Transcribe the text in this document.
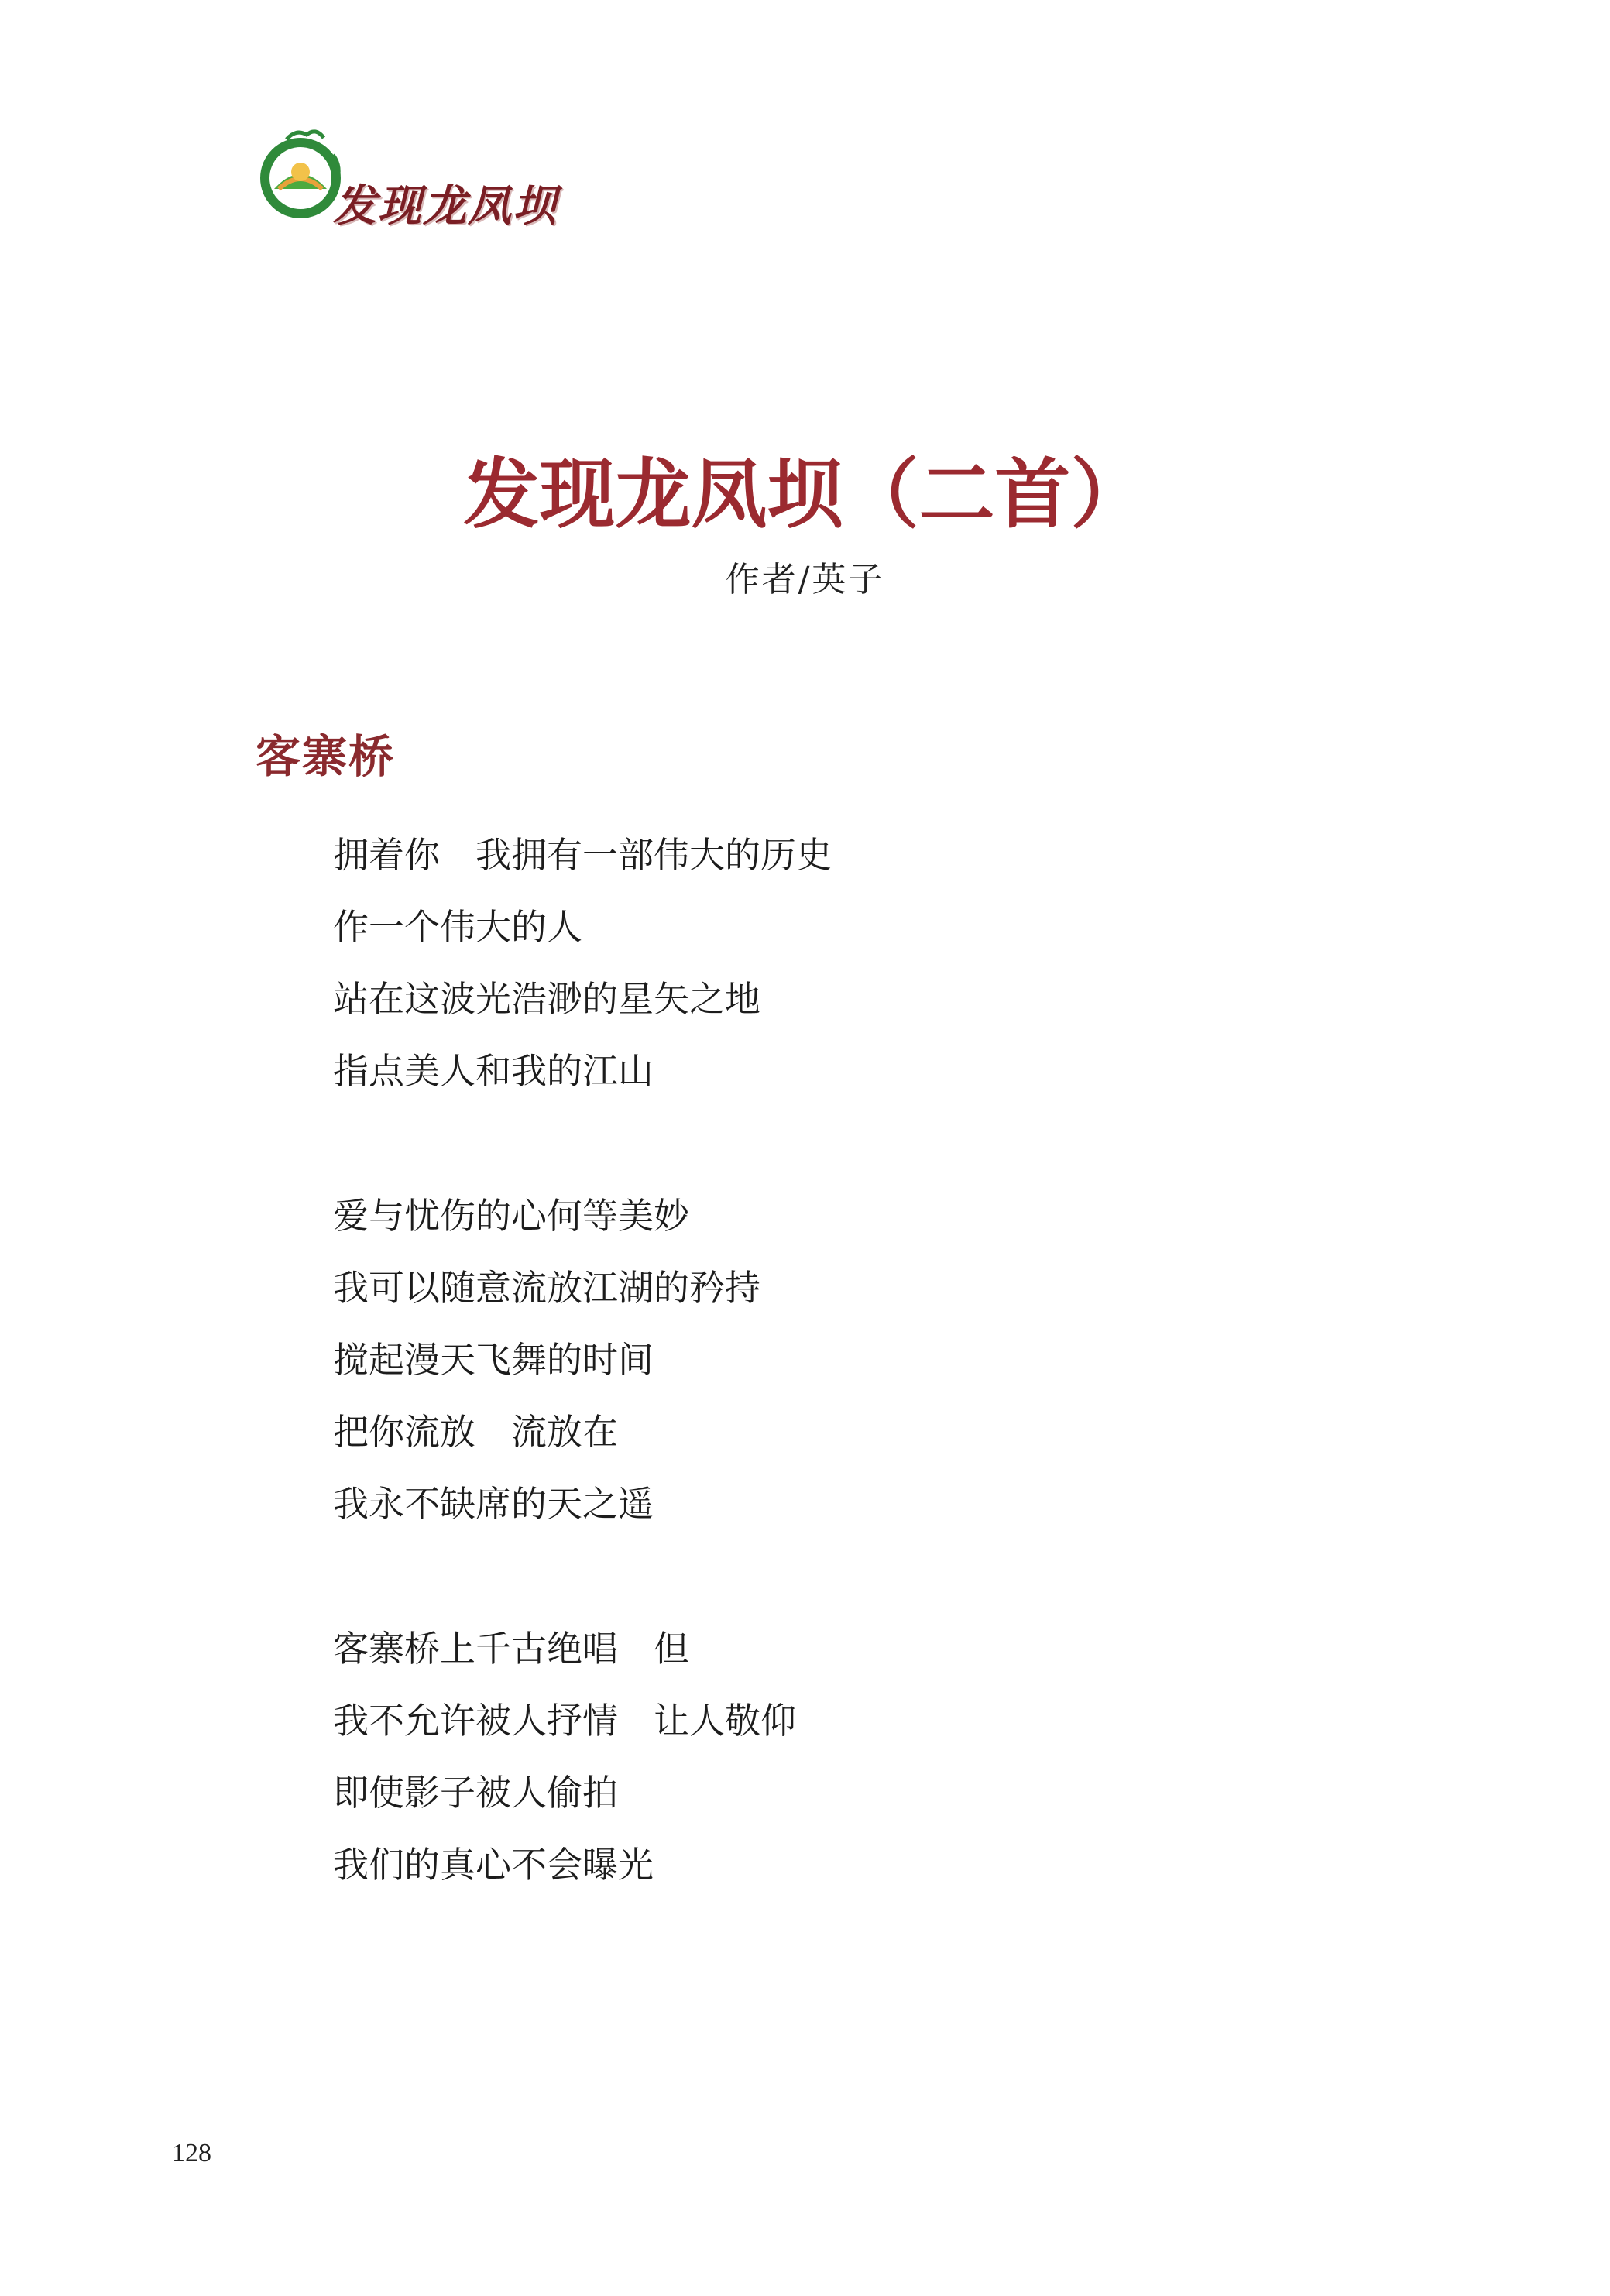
发现龙凤坝
发现龙凤坝（二首）
作者/英子
客寨桥
拥着你　我拥有一部伟大的历史
作一个伟大的人
站在这波光浩渺的星矢之地
指点美人和我的江山
爱与忧伤的心何等美妙
我可以随意流放江湖的矜持
搅起漫天飞舞的时间
把你流放　流放在
我永不缺席的天之遥
客寨桥上千古绝唱　但
我不允许被人抒情　让人敬仰
即使影子被人偷拍
我们的真心不会曝光
128
